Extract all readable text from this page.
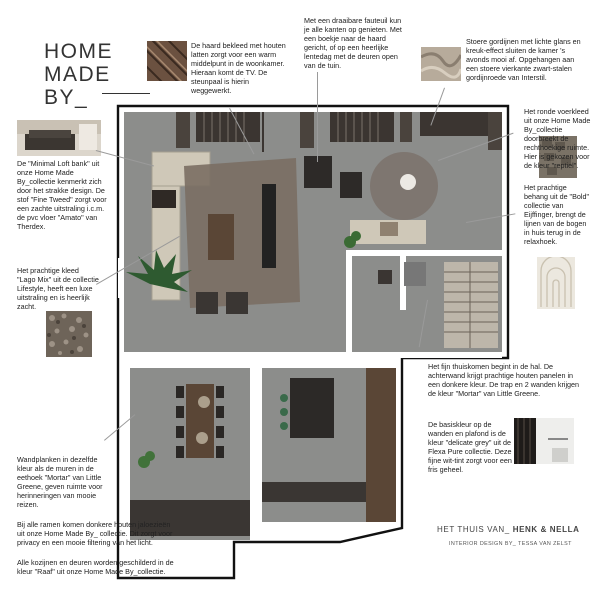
HOME
MADE
BY_
De haard bekleed met houten latten zorgt voor een warm middelpunt in de woonkamer. Hieraan komt de TV. De steunpaal is hierin weggewerkt.
Met een draaibare fauteuil kun je alle kanten op genieten. Met een boekje naar de haard gericht, of op een heerlijke lentedag met de deuren open van de tuin.
Stoere gordijnen met lichte glans en kreuk-effect sluiten de kamer 's avonds mooi af. Opgehangen aan een stoere vierkante zwart-stalen gordijnroede van Interstil.
De "Minimal Loft bank" uit onze Home Made By_collectie kenmerkt zich door het strakke design. De stof "Fine Tweed" zorgt voor een zachte uitstraling i.c.m. de pvc vloer "Amato" van Therdex.
Het ronde voerkleed uit onze Home Made By_collectie doorbreekt de rechthoekige ruimte. Hier is gekozen voor de kleur "reptiel".
Het prachtige behang uit de "Bold" collectie van Eijffinger, brengt de lijnen van de bogen in huis terug in de relaxhoek.
Het prachtige kleed "Lago Mix" uit de collectie Lifestyle, heeft een luxe uitstraling en is heerlijk zacht.
Het fijn thuiskomen begint in de hal. De achterwand krijgt prachtige houten panelen in een donkere kleur. De trap en 2 wanden krijgen de kleur "Mortar" van Little Greene.
De basiskleur op de wanden en plafond is de kleur "delicate grey" uit de Flexa Pure collectie. Deze fijne wit-tint zorgt voor een fris geheel.
Wandplanken in dezelfde kleur als de muren in de eethoek "Mortar" van Little Greene, geven ruimte voor herinneringen van mooie reizen.
Bij alle ramen komen donkere houten jaloezieën uit onze Home Made By_ collectie. Dit zorgt voor privacy en een mooie filtering van het licht.
Alle kozijnen en deuren worden geschilderd in de kleur "Raaf" uit onze Home Made By_collectie.
HET THUIS VAN_ HENK & NELLA
INTERIOR DESIGN BY_ TESSA VAN ZELST
